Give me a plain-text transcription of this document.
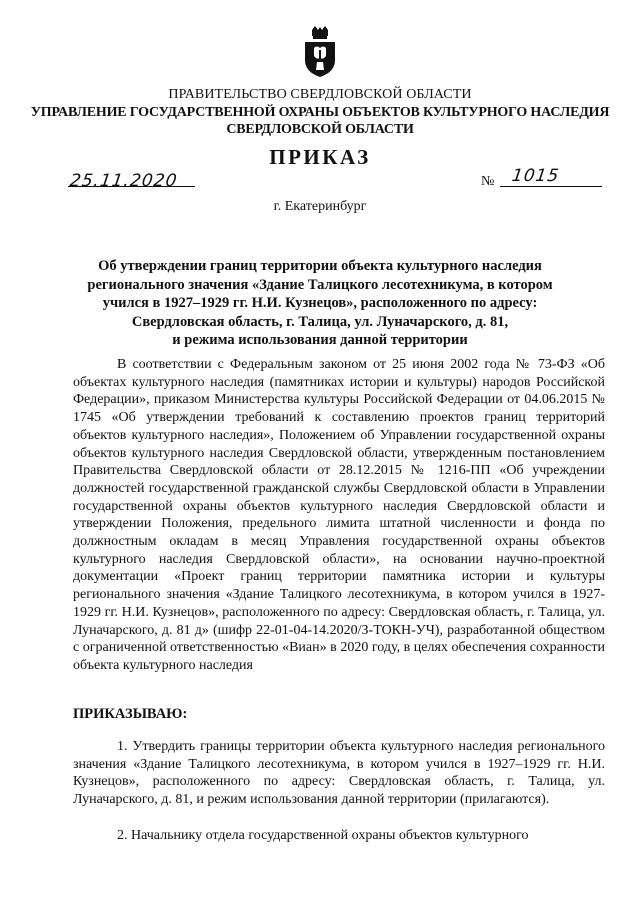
ПРАВИТЕЛЬСТВО СВЕРДЛОВСКОЙ ОБЛАСТИ
УПРАВЛЕНИЕ ГОСУДАРСТВЕННОЙ ОХРАНЫ ОБЪЕКТОВ КУЛЬТУРНОГО НАСЛЕДИЯ
СВЕРДЛОВСКОЙ ОБЛАСТИ
ПРИКАЗ
25.11.2020	№ 1015
г. Екатеринбург
Об утверждении границ территории объекта культурного наследия
регионального значения «Здание Талицкого лесотехникума, в котором
учился в 1927–1929 гг. Н.И. Кузнецов», расположенного по адресу:
Свердловская область, г. Талица, ул. Луначарского, д. 81,
и режима использования данной территории
В соответствии с Федеральным законом от 25 июня 2002 года № 73-ФЗ «Об объектах культурного наследия (памятниках истории и культуры) народов Российской Федерации», приказом Министерства культуры Российской Федерации от 04.06.2015 № 1745 «Об утверждении требований к составлению проектов границ территорий объектов культурного наследия», Положением об Управлении государственной охраны объектов культурного наследия Свердловской области, утвержденным постановлением Правительства Свердловской области от 28.12.2015 № 1216-ПП «Об учреждении должностей государственной гражданской службы Свердловской области в Управлении государственной охраны объектов культурного наследия Свердловской области и утверждении Положения, предельного лимита штатной численности и фонда по должностным окладам в месяц Управления государственной охраны объектов культурного наследия Свердловской области», на основании научно-проектной документации «Проект границ территории памятника истории и культуры регионального значения «Здание Талицкого лесотехникума, в котором учился в 1927-1929 гг. Н.И. Кузнецов», расположенного по адресу: Свердловская область, г. Талица, ул. Луначарского, д. 81 д» (шифр 22-01-04-14.2020/З-ТОКН-УЧ), разработанной обществом с ограниченной ответственностью «Виан» в 2020 году, в целях обеспечения сохранности объекта культурного наследия
ПРИКАЗЫВАЮ:
1. Утвердить границы территории объекта культурного наследия регионального значения «Здание Талицкого лесотехникума, в котором учился в 1927–1929 гг. Н.И. Кузнецов», расположенного по адресу: Свердловская область, г. Талица, ул. Луначарского, д. 81, и режим использования данной территории (прилагаются).
2. Начальнику отдела государственной охраны объектов культурного
